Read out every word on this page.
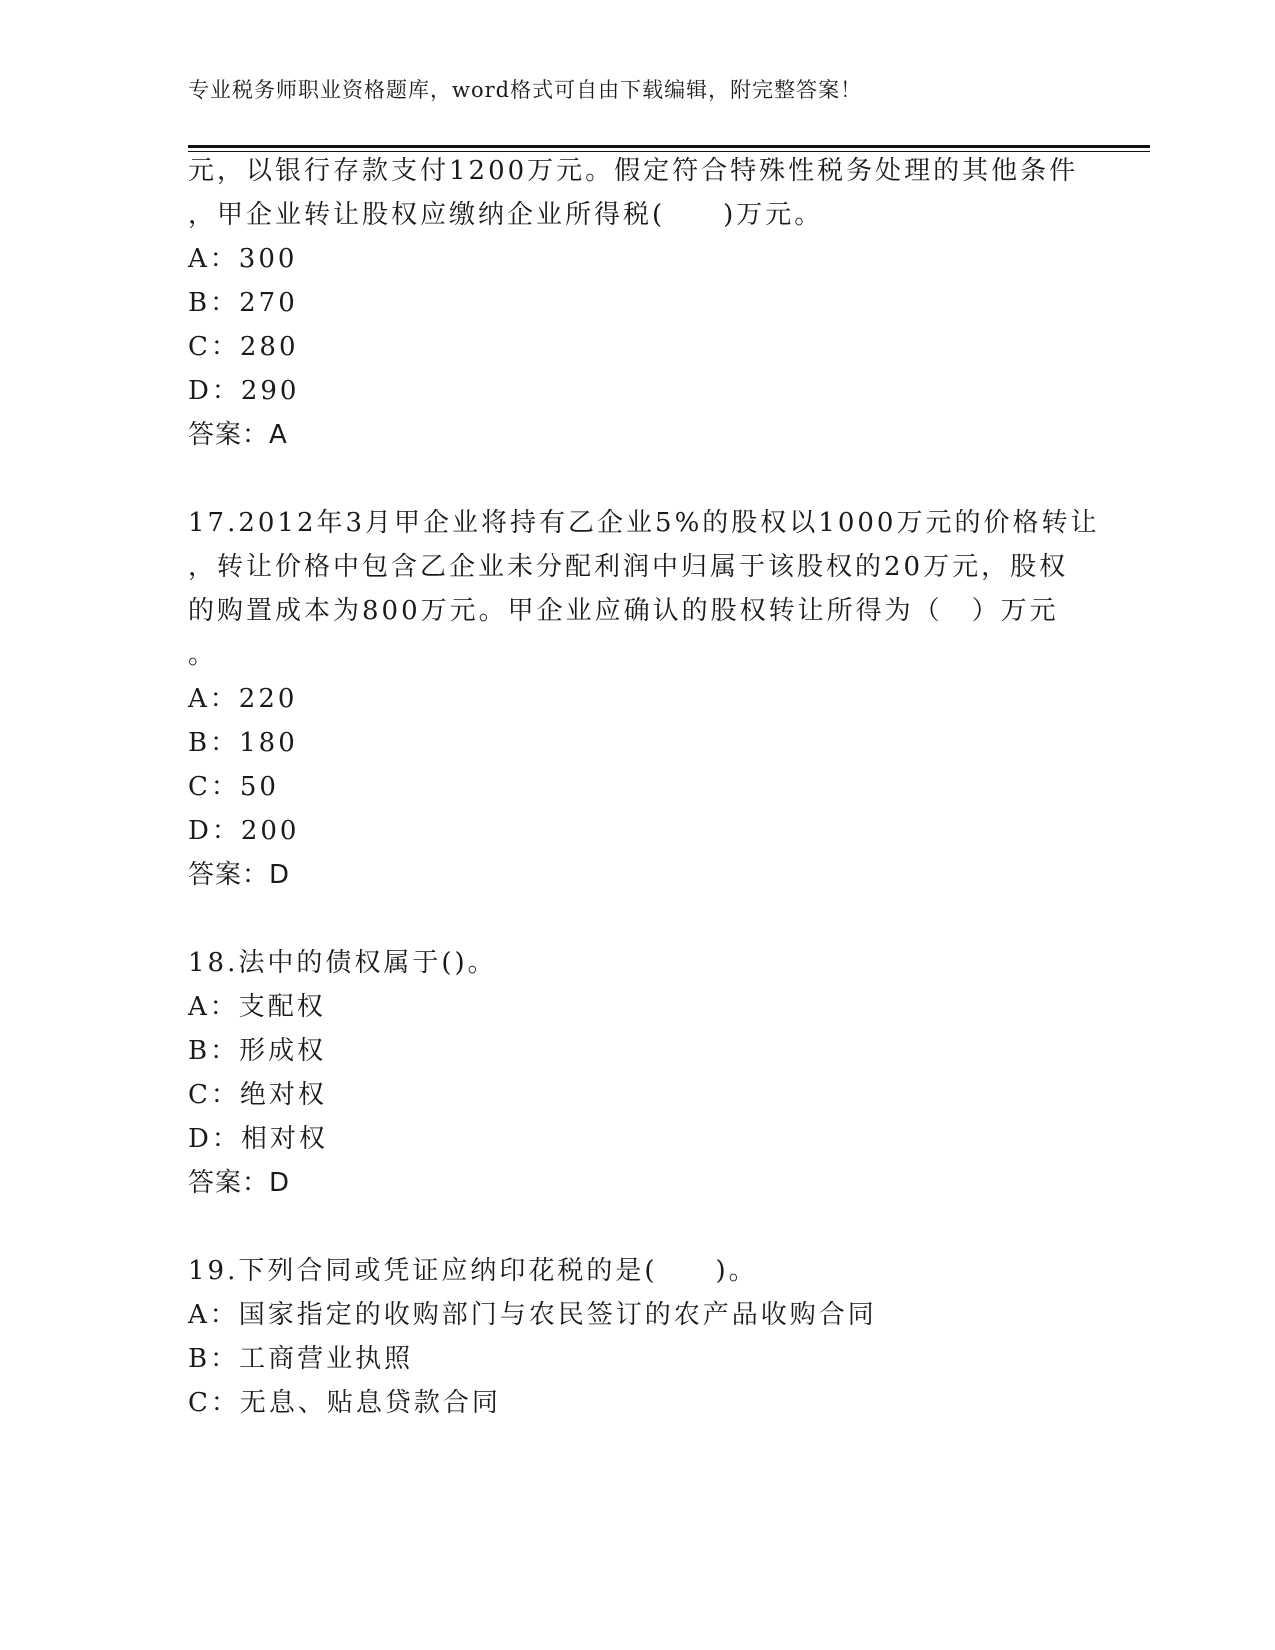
专业税务师职业资格题库，word格式可自由下载编辑，附完整答案！
元，以银行存款支付1200万元。假定符合特殊性税务处理的其他条件
，甲企业转让股权应缴纳企业所得税(　　)万元。
A：300
B：270
C：280
D：290
答案：A
17.2012年3月甲企业将持有乙企业5%的股权以1000万元的价格转让
，转让价格中包含乙企业未分配利润中归属于该股权的20万元，股权
的购置成本为800万元。甲企业应确认的股权转让所得为（　）万元
。
A：220
B：180
C：50
D：200
答案：D
18.法中的债权属于()。
A：支配权
B：形成权
C：绝对权
D：相对权
答案：D
19.下列合同或凭证应纳印花税的是(　　)。
A：国家指定的收购部门与农民签订的农产品收购合同
B：工商营业执照
C：无息、贴息贷款合同
